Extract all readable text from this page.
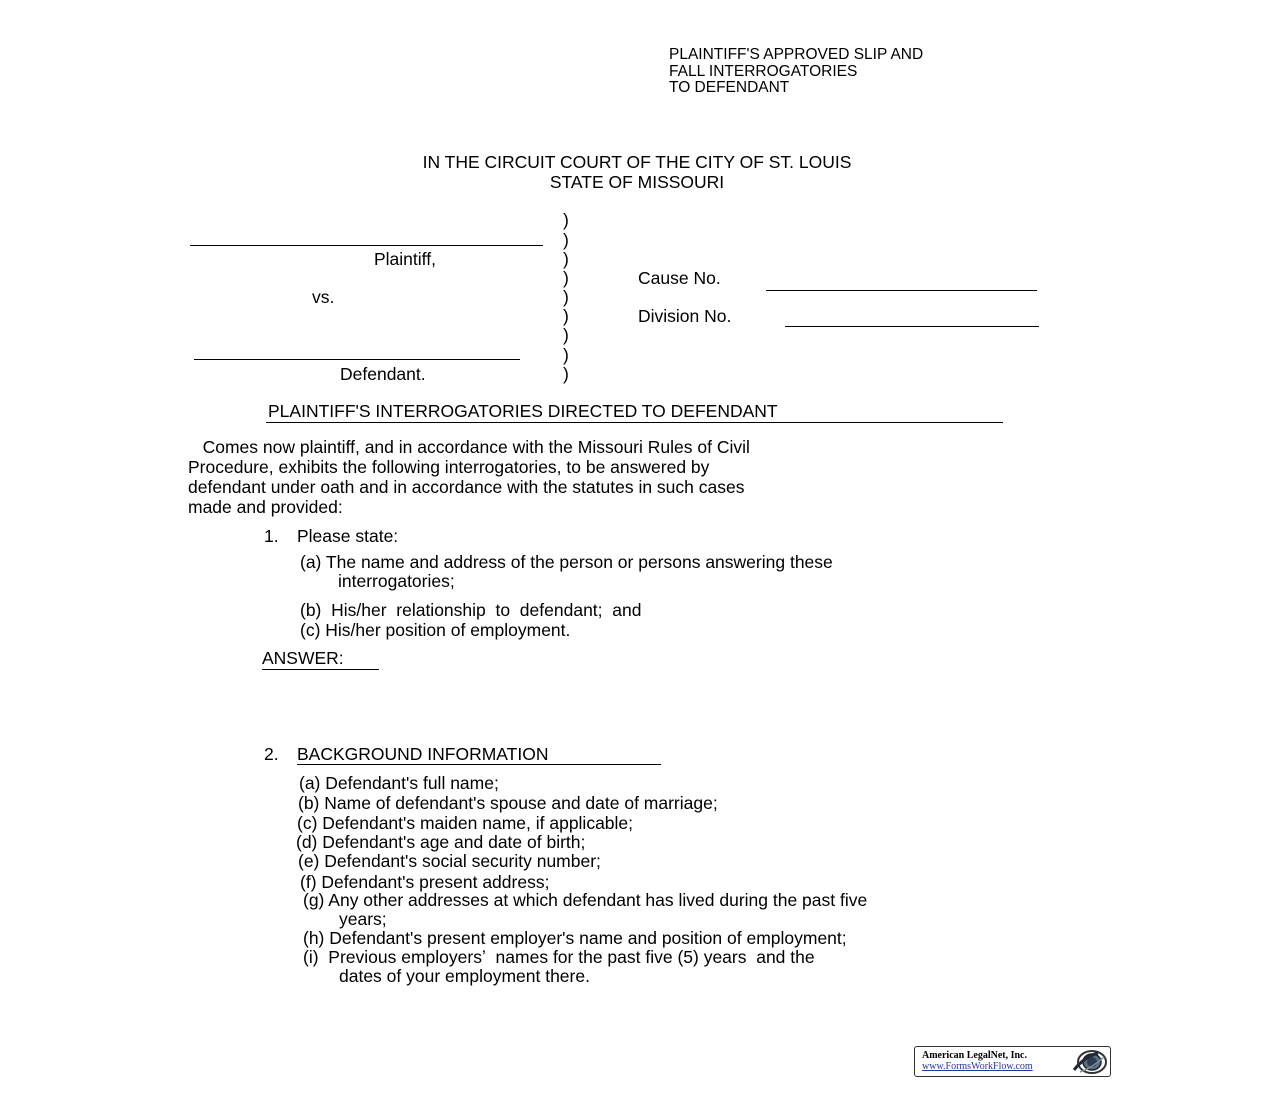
PLAINTIFF'S APPROVED SLIP AND
FALL INTERROGATORIES
TO DEFENDANT
IN THE CIRCUIT COURT OF THE CITY OF ST. LOUIS
STATE OF MISSOURI
Plaintiff,
vs.
Defendant.
)
)
)
)
)
)
)
)
)
Cause No.
Division No.
PLAINTIFF'S INTERROGATORIES DIRECTED TO DEFENDANT
Comes now plaintiff, and in accordance with the Missouri Rules of Civil
Procedure, exhibits the following interrogatories, to be answered by
defendant under oath and in accordance with the statutes in such cases
made and provided:
1. Please state:
(a) The name and address of the person or persons answering these
interrogatories;
(b)  His/her  relationship  to  defendant;  and
(c) His/her position of employment.
ANSWER:
2. BACKGROUND INFORMATION
(a) Defendant's full name;
(b) Name of defendant's spouse and date of marriage;
(c) Defendant's maiden name, if applicable;
(d) Defendant's age and date of birth;
(e) Defendant's social security number;
(f) Defendant's present address;
(g) Any other addresses at which defendant has lived during the past five
years;
(h) Defendant's present employer's name and position of employment;
(i)  Previous employersʼ  names for the past five (5) years  and the
dates of your employment there.
American LegalNet, Inc.
www.FormsWorkFlow.com
